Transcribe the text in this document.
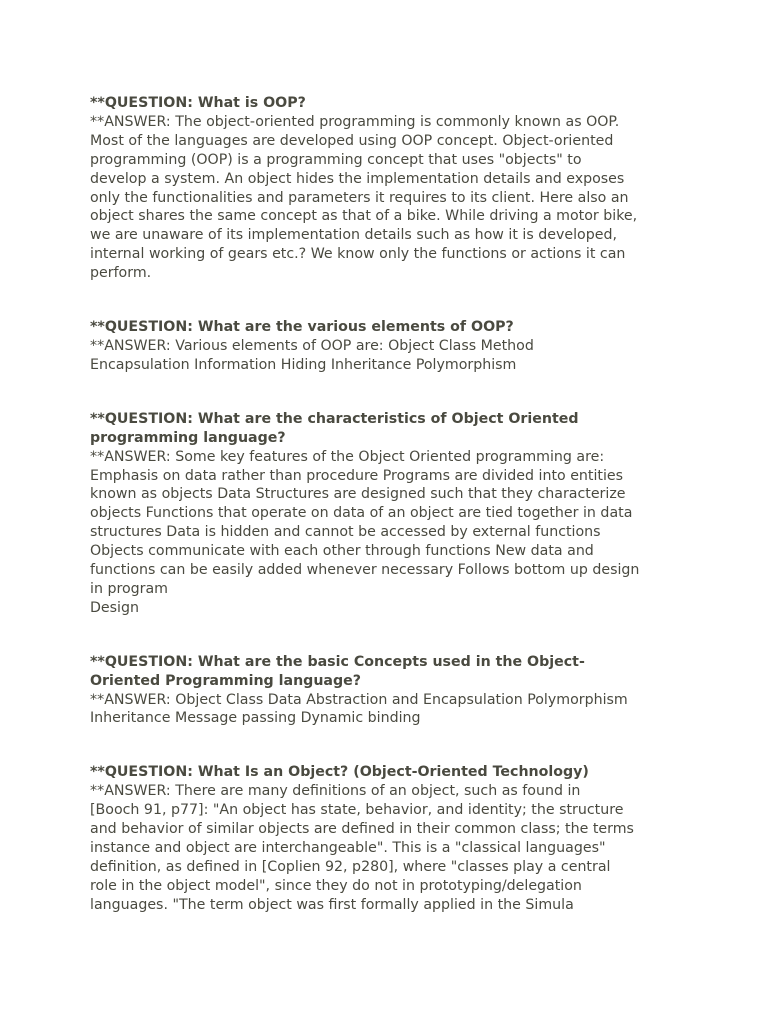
**QUESTION: What is OOP?
**ANSWER: The object-oriented programming is commonly known as OOP.
Most of the languages are developed using OOP concept. Object-oriented
programming (OOP) is a programming concept that uses "objects" to
develop a system. An object hides the implementation details and exposes
only the functionalities and parameters it requires to its client. Here also an
object shares the same concept as that of a bike. While driving a motor bike,
we are unaware of its implementation details such as how it is developed,
internal working of gears etc.? We know only the functions or actions it can
perform.
**QUESTION: What are the various elements of OOP?
**ANSWER: Various elements of OOP are: Object Class Method
Encapsulation Information Hiding Inheritance Polymorphism
**QUESTION: What are the characteristics of Object Oriented
programming language?
**ANSWER: Some key features of the Object Oriented programming are:
Emphasis on data rather than procedure Programs are divided into entities
known as objects Data Structures are designed such that they characterize
objects Functions that operate on data of an object are tied together in data
structures Data is hidden and cannot be accessed by external functions
Objects communicate with each other through functions New data and
functions can be easily added whenever necessary Follows bottom up design
in program
Design
**QUESTION: What are the basic Concepts used in the Object-
Oriented Programming language?
**ANSWER: Object Class Data Abstraction and Encapsulation Polymorphism
Inheritance Message passing Dynamic binding
**QUESTION: What Is an Object? (Object-Oriented Technology)
**ANSWER: There are many definitions of an object, such as found in
[Booch 91, p77]: "An object has state, behavior, and identity; the structure
and behavior of similar objects are defined in their common class; the terms
instance and object are interchangeable". This is a "classical languages"
definition, as defined in [Coplien 92, p280], where "classes play a central
role in the object model", since they do not in prototyping/delegation
languages. "The term object was first formally applied in the Simula
